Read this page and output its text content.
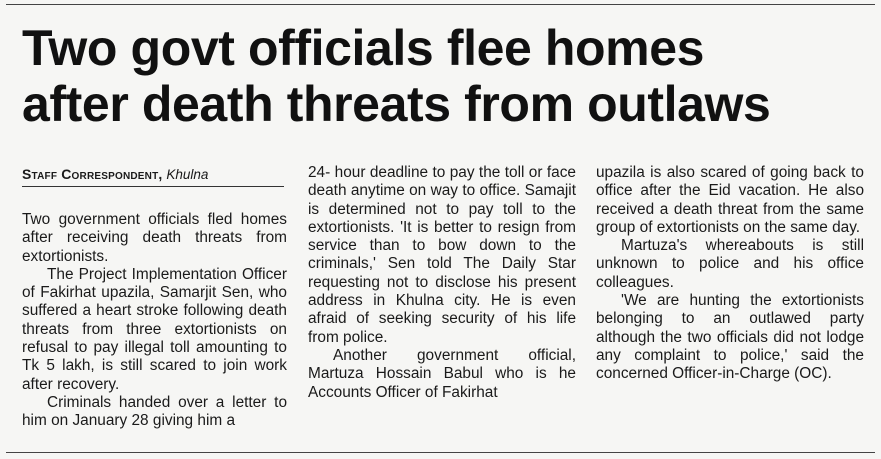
Two govt officials flee homes
after death threats from outlaws
Staff Correspondent, Khulna

Two government officials fled homes after receiving death threats from extortionists.

The Project Implementation Officer of Fakirhat upazila, Samarjit Sen, who suffered a heart stroke following death threats from three extortionists on refusal to pay illegal toll amounting to Tk 5 lakh, is still scared to join work after recovery.

Criminals handed over a letter to him on January 28 giving him a

24- hour deadline to pay the toll or face death anytime on way to office. Samajit is determined not to pay toll to the extortionists. 'It is better to resign from service than to bow down to the criminals,' Sen told The Daily Star requesting not to disclose his present address in Khulna city. He is even afraid of seeking security of his life from police.

Another government official, Martuza Hossain Babul who is he Accounts Officer of Fakirhat

upazila is also scared of going back to office after the Eid vacation. He also received a death threat from the same group of extortionists on the same day.

Martuza's whereabouts is still unknown to police and his office colleagues.

'We are hunting the extortionists belonging to an outlawed party although the two officials did not lodge any complaint to police,' said the concerned Officer-in-Charge (OC).
